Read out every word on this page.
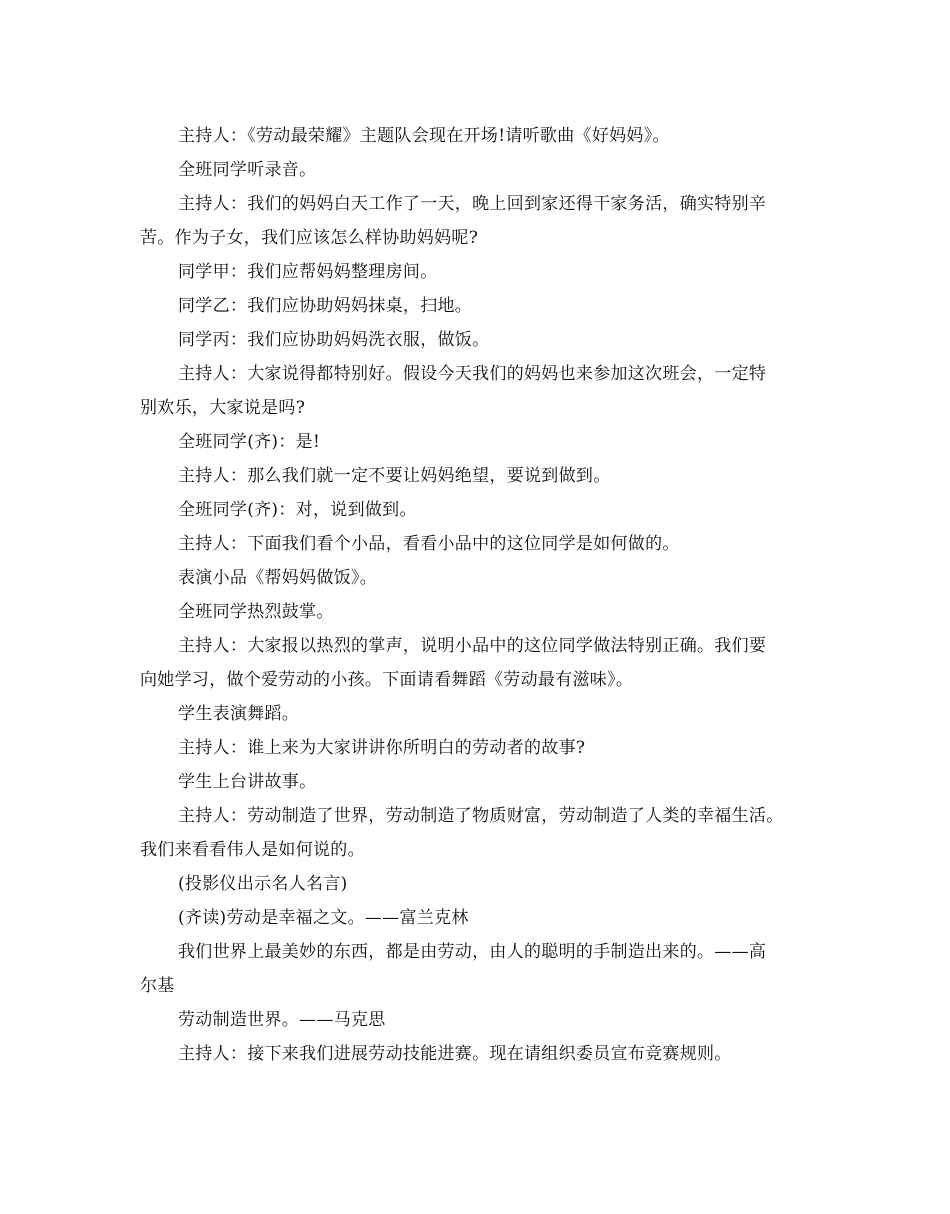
主持人：《劳动最荣耀》主题队会现在开场!请听歌曲《好妈妈》。
全班同学听录音。
主持人：我们的妈妈白天工作了一天，晚上回到家还得干家务活，确实特别辛
苦。作为子女，我们应该怎么样协助妈妈呢?
同学甲：我们应帮妈妈整理房间。
同学乙：我们应协助妈妈抹桌，扫地。
同学丙：我们应协助妈妈洗衣服，做饭。
主持人：大家说得都特别好。假设今天我们的妈妈也来参加这次班会，一定特
别欢乐，大家说是吗?
全班同学(齐)：是!
主持人：那么我们就一定不要让妈妈绝望，要说到做到。
全班同学(齐)：对，说到做到。
主持人：下面我们看个小品，看看小品中的这位同学是如何做的。
表演小品《帮妈妈做饭》。
全班同学热烈鼓掌。
主持人：大家报以热烈的掌声，说明小品中的这位同学做法特别正确。我们要
向她学习，做个爱劳动的小孩。下面请看舞蹈《劳动最有滋味》。
学生表演舞蹈。
主持人：谁上来为大家讲讲你所明白的劳动者的故事?
学生上台讲故事。
主持人：劳动制造了世界，劳动制造了物质财富，劳动制造了人类的幸福生活。
我们来看看伟人是如何说的。
(投影仪出示名人名言)
(齐读)劳动是幸福之文。——富兰克林
我们世界上最美妙的东西，都是由劳动，由人的聪明的手制造出来的。——高
尔基
劳动制造世界。——马克思
主持人：接下来我们进展劳动技能进赛。现在请组织委员宣布竞赛规则。
